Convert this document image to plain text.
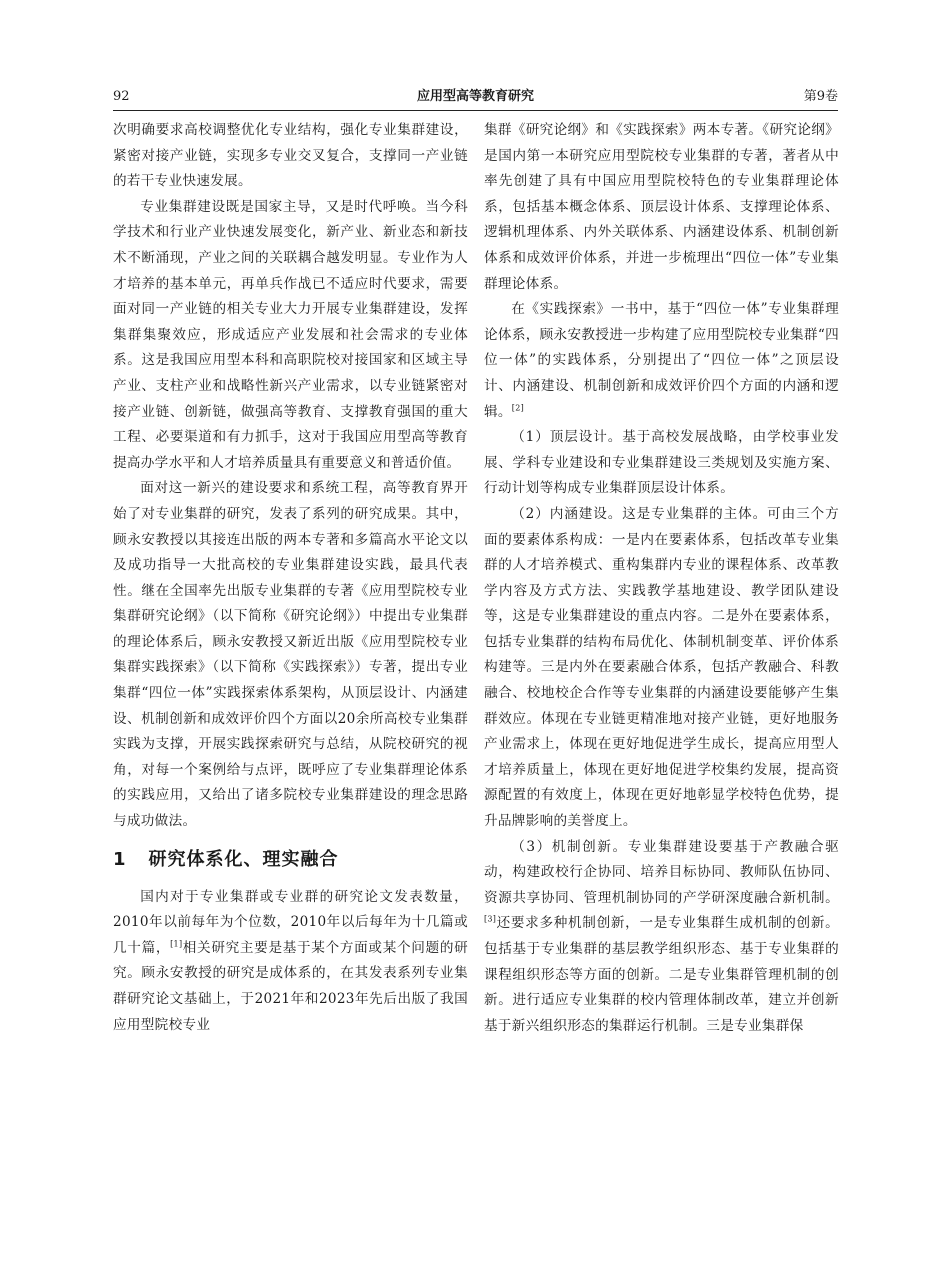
92	应用型高等教育研究	第9卷

次明确要求高校调整优化专业结构，强化专业集群建设，紧密对接产业链，实现多专业交叉复合，支撑同一产业链的若干专业快速发展。

专业集群建设既是国家主导，又是时代呼唤。当今科学技术和行业产业快速发展变化，新产业、新业态和新技术不断涌现，产业之间的关联耦合越发明显。专业作为人才培养的基本单元，再单兵作战已不适应时代要求，需要面对同一产业链的相关专业大力开展专业集群建设，发挥集群集聚效应，形成适应产业发展和社会需求的专业体系。这是我国应用型本科和高职院校对接国家和区域主导产业、支柱产业和战略性新兴产业需求，以专业链紧密对接产业链、创新链，做强高等教育、支撑教育强国的重大工程、必要渠道和有力抓手，这对于我国应用型高等教育提高办学水平和人才培养质量具有重要意义和普适价值。

面对这一新兴的建设要求和系统工程，高等教育界开始了对专业集群的研究，发表了系列的研究成果。其中，顾永安教授以其接连出版的两本专著和多篇高水平论文以及成功指导一大批高校的专业集群建设实践，最具代表性。继在全国率先出版专业集群的专著《应用型院校专业集群研究论纲》（以下简称《研究论纲》）中提出专业集群的理论体系后，顾永安教授又新近出版《应用型院校专业集群实践探索》（以下简称《实践探索》）专著，提出专业集群“四位一体”实践探索体系架构，从顶层设计、内涵建设、机制创新和成效评价四个方面以20余所高校专业集群实践为支撑，开展实践探索研究与总结，从院校研究的视角，对每一个案例给与点评，既呼应了专业集群理论体系的实践应用，又给出了诸多院校专业集群建设的理念思路与成功做法。

1 研究体系化、理实融合

国内对于专业集群或专业群的研究论文发表数量，2010年以前每年为个位数，2010年以后每年为十几篇或几十篇，[1]相关研究主要是基于某个方面或某个问题的研究。顾永安教授的研究是成体系的，在其发表系列专业集群研究论文基础上，于2021年和2023年先后出版了我国应用型院校专业

集群《研究论纲》和《实践探索》两本专著。《研究论纲》是国内第一本研究应用型院校专业集群的专著，著者从中率先创建了具有中国应用型院校特色的专业集群理论体系，包括基本概念体系、顶层设计体系、支撑理论体系、逻辑机理体系、内外关联体系、内涵建设体系、机制创新体系和成效评价体系，并进一步梳理出“四位一体”专业集群理论体系。

在《实践探索》一书中，基于“四位一体”专业集群理论体系，顾永安教授进一步构建了应用型院校专业集群“四位一体”的实践体系，分别提出了“四位一体”之顶层设计、内涵建设、机制创新和成效评价四个方面的内涵和逻辑。[2]

（1）顶层设计。基于高校发展战略，由学校事业发展、学科专业建设和专业集群建设三类规划及实施方案、行动计划等构成专业集群顶层设计体系。

（2）内涵建设。这是专业集群的主体。可由三个方面的要素体系构成：一是内在要素体系，包括改革专业集群的人才培养模式、重构集群内专业的课程体系、改革教学内容及方式方法、实践教学基地建设、教学团队建设等，这是专业集群建设的重点内容。二是外在要素体系，包括专业集群的结构布局优化、体制机制变革、评价体系构建等。三是内外在要素融合体系，包括产教融合、科教融合、校地校企合作等专业集群的内涵建设要能够产生集群效应。体现在专业链更精准地对接产业链，更好地服务产业需求上，体现在更好地促进学生成长，提高应用型人才培养质量上，体现在更好地促进学校集约发展，提高资源配置的有效度上，体现在更好地彰显学校特色优势，提升品牌影响的美誉度上。

（3）机制创新。专业集群建设要基于产教融合驱动，构建政校行企协同、培养目标协同、教师队伍协同、资源共享协同、管理机制协同的产学研深度融合新机制。[3]还要求多种机制创新，一是专业集群生成机制的创新。包括基于专业集群的基层教学组织形态、基于专业集群的课程组织形态等方面的创新。二是专业集群管理机制的创新。进行适应专业集群的校内管理体制改革，建立并创新基于新兴组织形态的集群运行机制。三是专业集群保
